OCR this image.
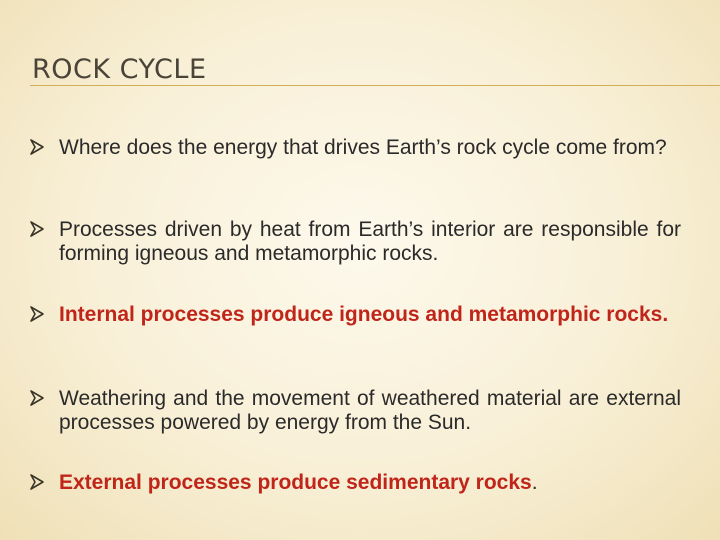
ROCK CYCLE
Where does the energy that drives Earth’s rock cycle come from?
Processes driven by heat from Earth’s interior are responsible for forming igneous and metamorphic rocks.
Internal processes produce igneous and metamorphic rocks.
Weathering and the movement of weathered material are external processes powered by energy from the Sun.
External processes produce sedimentary rocks.
